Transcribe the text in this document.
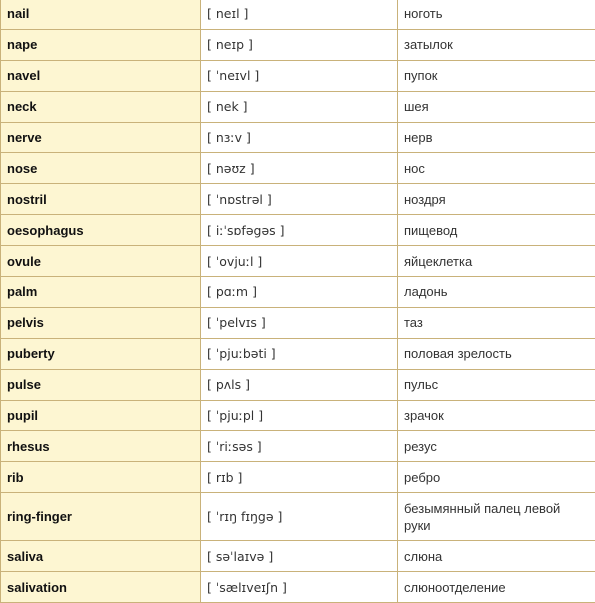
nail	[ neɪl ]	ноготь
nape	[ neɪp ]	затылок
navel	[ ˈneɪvl ]	пупок
neck	[ nek ]	шея
nerve	[ nɜːv ]	нерв
nose	[ nəʊz ]	нос
nostril	[ ˈnɒstrəl ]	ноздря
oesophagus	[ iːˈsɒfəgəs ]	пищевод
ovule	[ ˈovjuːl ]	яйцеклетка
palm	[ pɑːm ]	ладонь
pelvis	[ ˈpelvɪs ]	таз
puberty	[ ˈpjuːbəti ]	половая зрелость
pulse	[ pʌls ]	пульс
pupil	[ ˈpjuːpl ]	зрачок
rhesus	[ ˈriːsəs ]	резус
rib	[ rɪb ]	ребро
ring-finger	[ ˈrɪŋ fɪŋgə ]	безымянный палец левой руки
saliva	[ səˈlaɪvə ]	слюна
salivation	[ ˈsælɪveɪʃn ]	слюноотделение
